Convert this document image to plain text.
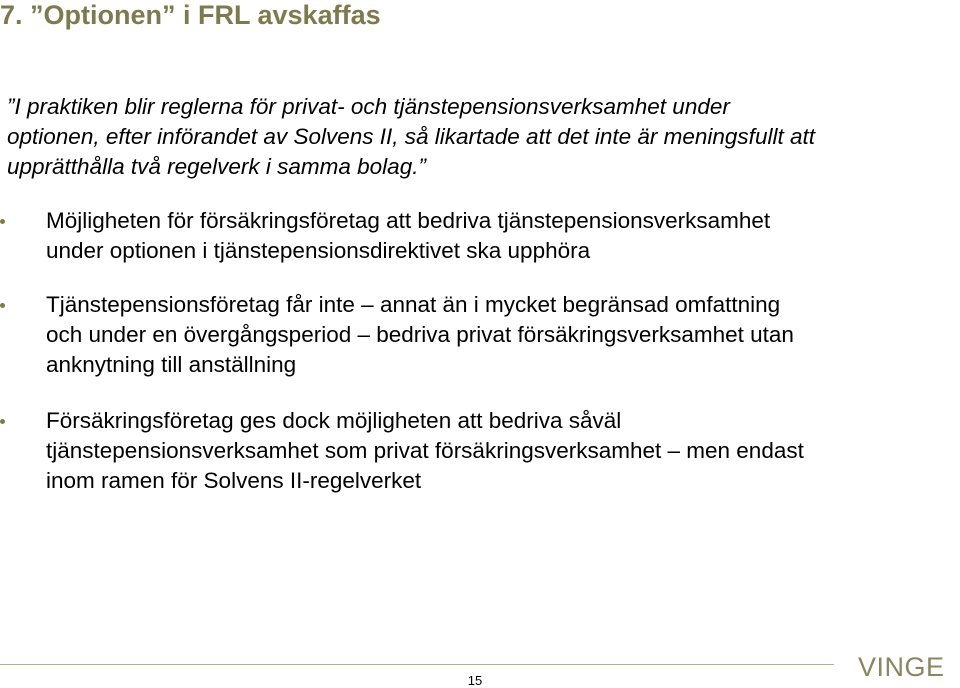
7. ”Optionen” i FRL avskaffas
”I praktiken blir reglerna för privat- och tjänstepensionsverksamhet under
optionen, efter införandet av Solvens II, så likartade att det inte är meningsfullt att
upprätthålla två regelverk i samma bolag.”
Möjligheten för försäkringsföretag att bedriva tjänstepensionsverksamhet
under optionen i tjänstepensionsdirektivet ska upphöra
Tjänstepensionsföretag får inte – annat än i mycket begränsad omfattning
och under en övergångsperiod – bedriva privat försäkringsverksamhet utan
anknytning till anställning
Försäkringsföretag ges dock möjligheten att bedriva såväl
tjänstepensionsverksamhet som privat försäkringsverksamhet – men endast
inom ramen för Solvens II-regelverket
15	VINGE
